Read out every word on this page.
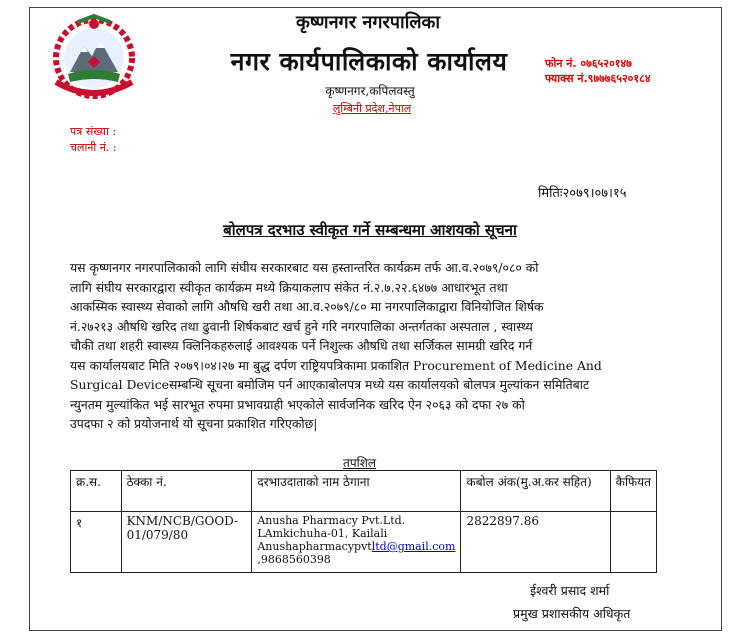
कृष्णनगर नगरपालिका
नगर कार्यपालिकाको कार्यालय
कृष्णनगर,कपिलवस्तु
लुम्बिनी प्रदेश,नेपाल
फोन नं. ०७६५२०१४७
फ्याक्स नं.९७७७६५२०१८४
पत्र संख्या :
चलानी नं. :
मितिः२०७९।०७।१५
बोलपत्र दरभाउ स्वीकृत गर्ने सम्बन्धमा आशयको सूचना
यस कृष्णनगर नगरपालिकाको लागि संघीय सरकारबाट यस हस्तान्तरित कार्यक्रम तर्फ आ.व.२०७९/०८० को
लागि संघीय सरकारद्वारा स्वीकृत कार्यक्रम मध्ये क्रियाकलाप संकेत नं.२.७.२२.६४७७ आधारभूत तथा
आकस्मिक स्वास्थ्य सेवाको लागि औषधि खरी तथा आ.व.२०७९/८० मा नगरपालिकाद्वारा विनियोजित शिर्षक
नं.२७२१३ औषधि खरिद तथा ढुवानी शिर्षकबाट खर्च हुने गरि नगरपालिका अन्तर्गतका अस्पताल , स्वास्थ्य
चौकी तथा शहरी स्वास्थ्य क्लिनिकहरुलाई आवश्यक पर्ने निशुल्क औषधि तथा सर्जिकल सामग्री खरिद गर्न
यस कार्यालयबाट मिति २०७९।०४।२७ मा बुद्ध दर्पण राष्ट्रियपत्रिकामा प्रकाशित Procurement of Medicine And
Surgical Deviceसम्बन्धि सूचना बमोजिम पर्न आएकाबोलपत्र मध्ये यस कार्यालयको बोलपत्र मुल्यांकन समितिबाट
न्युनतम मुल्यांकित भई सारभूत रुपमा प्रभावग्राही भएकोले सार्वजनिक खरिद ऐन २०६३ को दफा २७ को
उपदफा २ को प्रयोजनार्थ यो सूचना प्रकाशित गरिएकोछ|
तपशिल
क्र.स.	ठेक्का नं.	दरभाउदाताको नाम ठेगाना	कबोल अंक(मु.अ.कर सहित)	कैफियत
१	KNM/NCB/GOOD-01/079/80	Anusha Pharmacy Pvt.Ltd.
LAmkichuha-01, Kailali
Anushapharmacypvtltd@gmail.com
,9868560398	2822897.86	
ईश्वरी प्रसाद शर्मा
प्रमुख प्रशासकीय अधिकृत
